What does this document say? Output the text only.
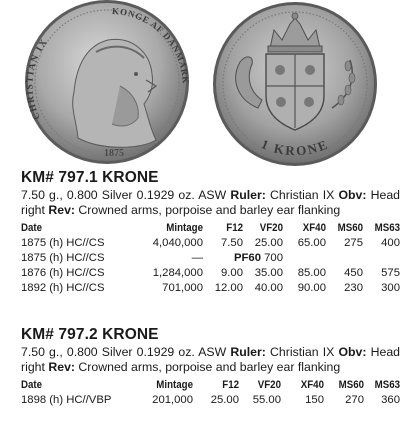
CHRISTIAN IX
KONGE AF DANMARK
1875
1 KRONE
KM# 797.1 KRONE
7.50 g., 0.800 Silver 0.1929 oz. ASW Ruler: Christian IX Obv: Head right Rev: Crowned arms, porpoise and barley ear flanking
Date	Mintage	F12	VF20	XF40	MS60	MS63
1875 (h) HC//CS	4,040,000	7.50	25.00	65.00	275	400
1875 (h) HC//CS	—	PF60 700				
1876 (h) HC//CS	1,284,000	9.00	35.00	85.00	450	575
1892 (h) HC//CS	701,000	12.00	40.00	90.00	230	300
KM# 797.2 KRONE
7.50 g., 0.800 Silver 0.1929 oz. ASW Ruler: Christian IX Obv: Head right Rev: Crowned arms, porpoise and barley ear flanking
Date	Mintage	F12	VF20	XF40	MS60	MS63
1898 (h) HC//VBP	201,000	25.00	55.00	150	270	360
